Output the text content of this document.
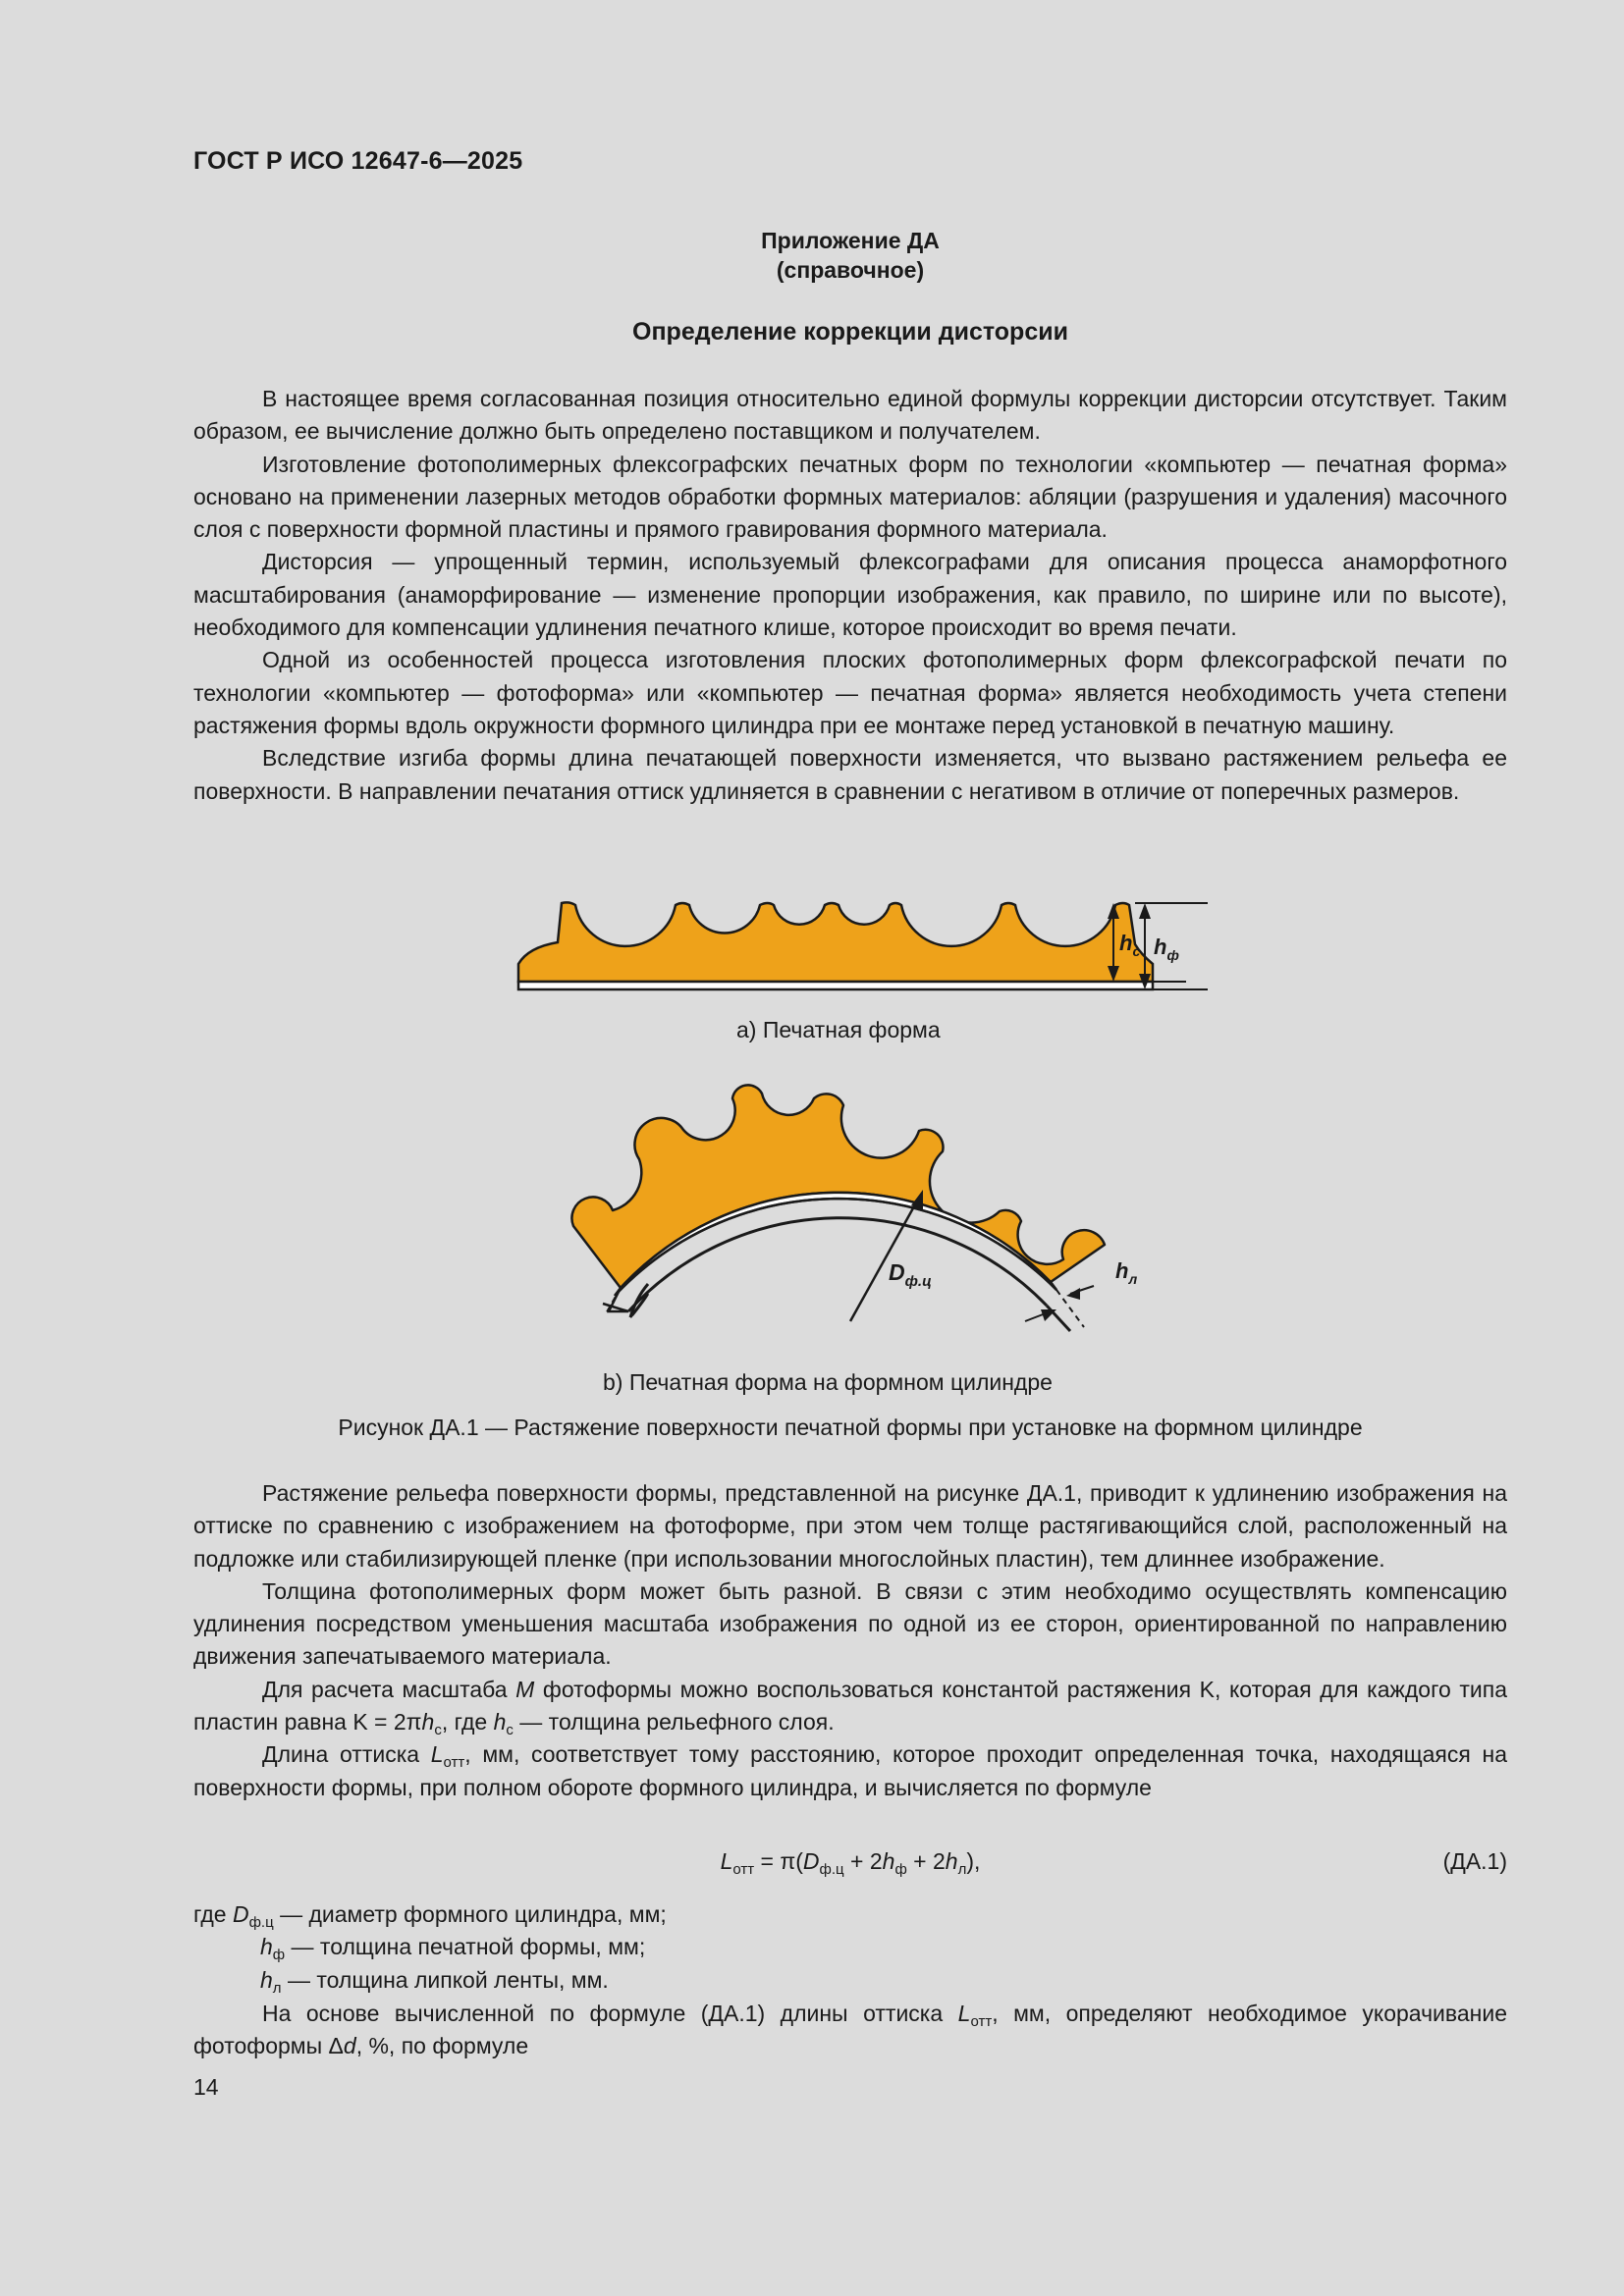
ГОСТ Р ИСО 12647-6—2025
Приложение ДА
(справочное)
Определение коррекции дисторсии

В настоящее время согласованная позиция относительно единой формулы коррекции дисторсии отсутствует. Таким образом, ее вычисление должно быть определено поставщиком и получателем.

Изготовление фотополимерных флексографских печатных форм по технологии «компьютер — печатная форма» основано на применении лазерных методов обработки формных материалов: абляции (разрушения и удаления) масочного слоя с поверхности формной пластины и прямого гравирования формного материала.

Дисторсия — упрощенный термин, используемый флексографами для описания процесса анаморфотного масштабирования (анаморфирование — изменение пропорции изображения, как правило, по ширине или по высоте), необходимого для компенсации удлинения печатного клише, которое происходит во время печати.

Одной из особенностей процесса изготовления плоских фотополимерных форм флексографской печати по технологии «компьютер — фотоформа» или «компьютер — печатная форма» является необходимость учета степени растяжения формы вдоль окружности формного цилиндра при ее монтаже перед установкой в печатную машину.

Вследствие изгиба формы длина печатающей поверхности изменяется, что вызвано растяжением рельефа ее поверхности. В направлении печатания оттиск удлиняется в сравнении с негативом в отличие от поперечных размеров.

$h_с$ $h_ф$
a) Печатная форма
$D_{ф.ц}$	$h_л$
b) Печатная форма на формном цилиндре
Рисунок ДА.1 — Растяжение поверхности печатной формы при установке на формном цилиндре

Растяжение рельефа поверхности формы, представленной на рисунке ДА.1, приводит к удлинению изображения на оттиске по сравнению с изображением на фотоформе, при этом чем толще растягивающийся слой, расположенный на подложке или стабилизирующей пленке (при использовании многослойных пластин), тем длиннее изображение.

Толщина фотополимерных форм может быть разной. В связи с этим необходимо осуществлять компенсацию удлинения посредством уменьшения масштаба изображения по одной из ее сторон, ориентированной по направлению движения запечатываемого материала.

Для расчета масштаба M фотоформы можно воспользоваться константой растяжения K, которая для каждого типа пластин равна $K = 2\pi h_с$, где $h_с$ — толщина рельефного слоя.

Длина оттиска $L_{отт}$, мм, соответствует тому расстоянию, которое проходит определенная точка, находящаяся на поверхности формы, при полном обороте формного цилиндра, и вычисляется по формуле

$L_{отт} = \pi(D_{ф.ц} + 2h_ф + 2h_л)$,	(ДА.1)
где $D_{ф.ц}$ — диаметр формного цилиндра, мм;
$h_ф$ — толщина печатной формы, мм;
$h_л$ — толщина липкой ленты, мм.

На основе вычисленной по формуле (ДА.1) длины оттиска $L_{отт}$, мм, определяют необходимое укорачивание фотоформы Δd, %, по формуле

14
